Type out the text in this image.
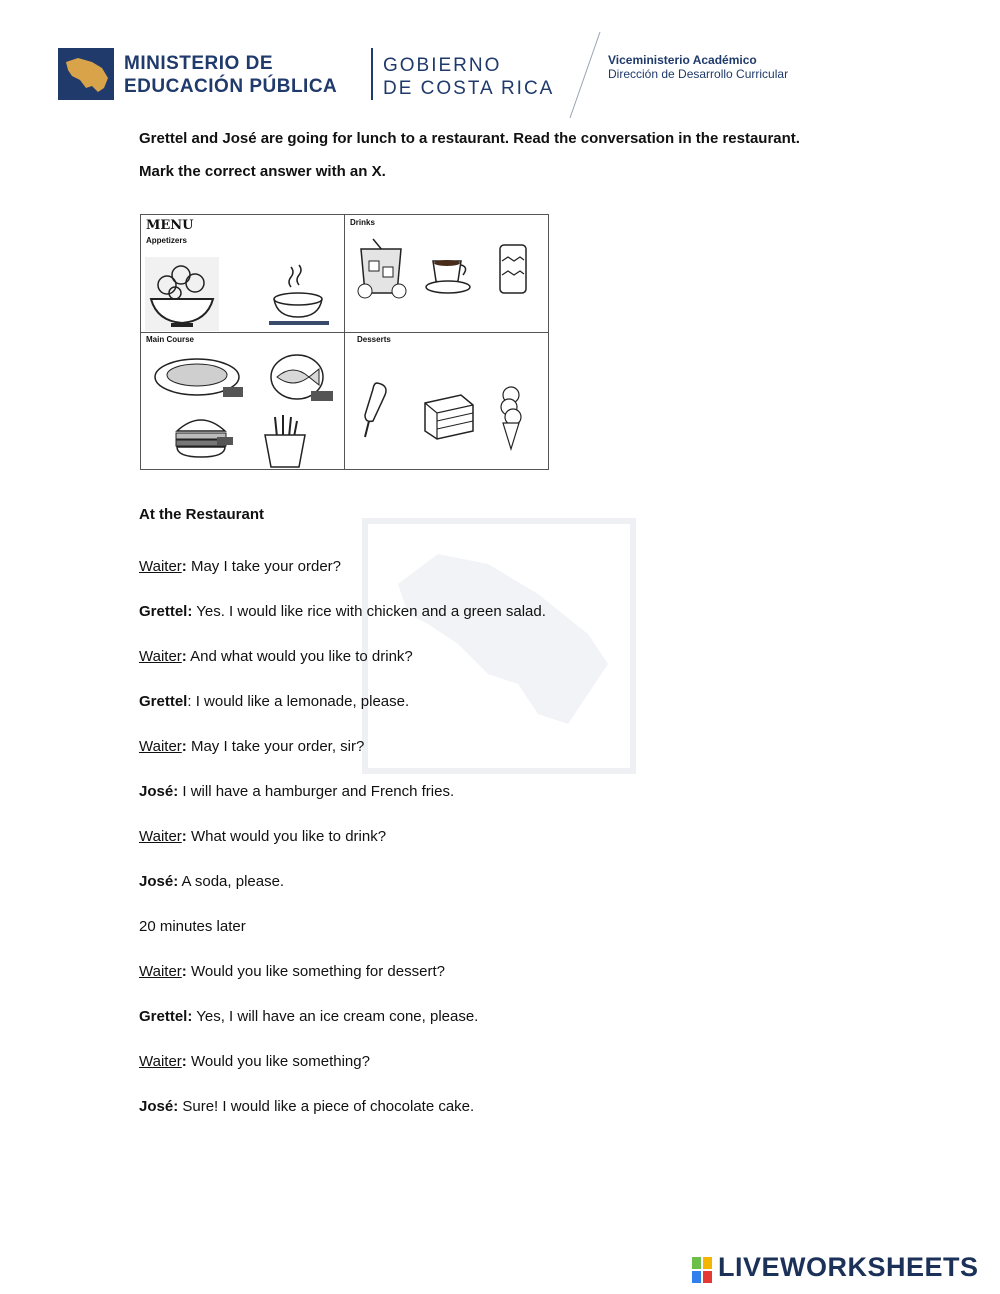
MINISTERIO DE
EDUCACIÓN PÚBLICA
GOBIERNO
DE COSTA RICA
Viceministerio Académico
Dirección de Desarrollo Curricular
Grettel and José are going for lunch to a restaurant. Read the conversation in the restaurant.
Mark the correct answer with an X.
MENU
Appetizers
Drinks
Main Course	Desserts
At the Restaurant
Waiter: May I take your order?
Grettel: Yes. I would like rice with chicken and a green salad.
Waiter: And what would you like to drink?
Grettel: I would like a lemonade, please.
Waiter: May I take your order, sir?
José: I will have a hamburger and French fries.
Waiter: What would you like to drink?
José: A soda, please.
20 minutes later
Waiter: Would you like something for dessert?
Grettel: Yes, I will have an ice cream cone, please.
Waiter: Would you like something?
José: Sure! I would like a piece of chocolate cake.
LIVEWORKSHEETS
